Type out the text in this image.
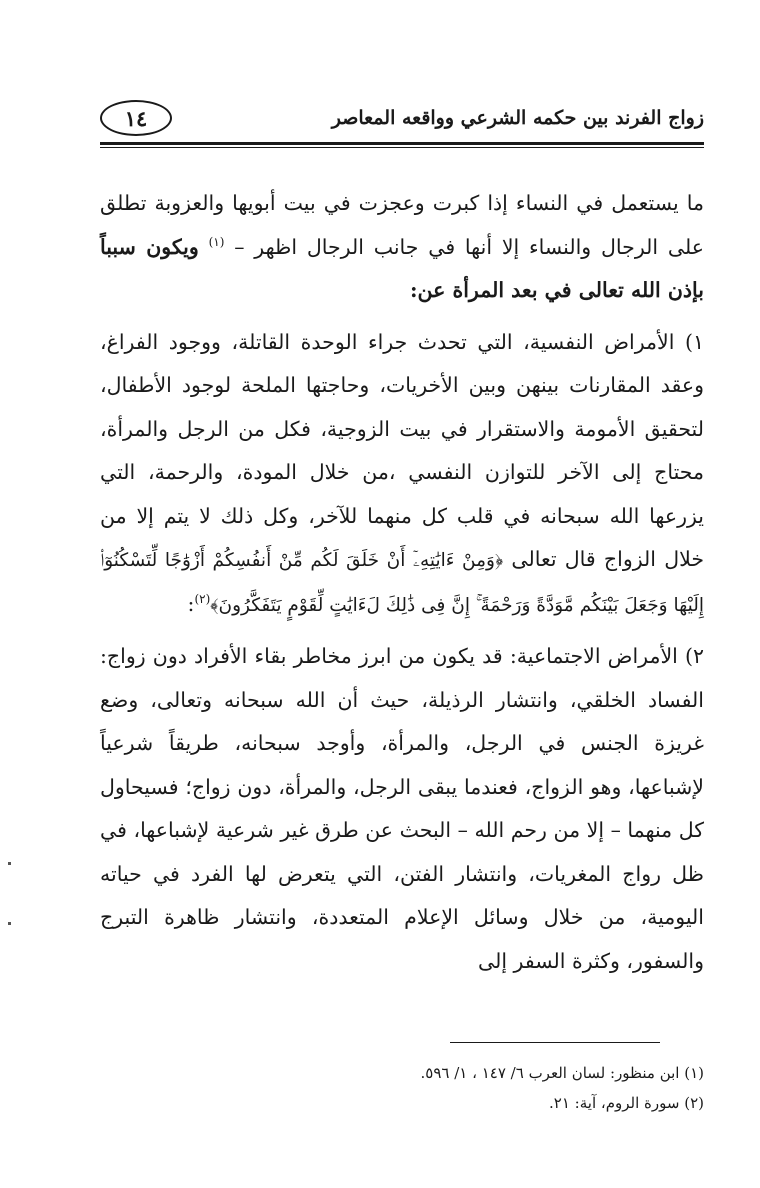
زواج الفرند بين حكمه الشرعي وواقعه المعاصر
١٤

ما يستعمل في النساء إذا كبرت وعجزت في بيت أبويها والعزوبة تطلق على الرجال والنساء إلا أنها في جانب الرجال اظهر – $^{(١)}$ ويكون سبباً بإذن الله تعالى في بعد المرأة عن:

١) الأمراض النفسية، التي تحدث جراء الوحدة القاتلة، ووجود الفراغ، وعقد المقارنات بينهن وبين الأخريات، وحاجتها الملحة لوجود الأطفال، لتحقيق الأمومة والاستقرار في بيت الزوجية، فكل من الرجل والمرأة، محتاج إلى الآخر للتوازن النفسي ،من خلال المودة، والرحمة، التي يزرعها الله سبحانه في قلب كل منهما للآخر، وكل ذلك لا يتم إلا من خلال الزواج قال تعالى ﴿وَمِنْ ءَايَٰتِهِۦٓ أَنْ خَلَقَ لَكُم مِّنْ أَنفُسِكُمْ أَزْوَٰجًا لِّتَسْكُنُوٓا۟ إِلَيْهَا وَجَعَلَ بَيْنَكُم مَّوَدَّةً وَرَحْمَةً ۚ إِنَّ فِى ذَٰلِكَ لَءَايَٰتٍ لِّقَوْمٍ يَتَفَكَّرُونَ﴾$^{(٢)}$:

٢) الأمراض الاجتماعية: قد يكون من ابرز مخاطر بقاء الأفراد دون زواج: الفساد الخلقي، وانتشار الرذيلة، حيث أن الله سبحانه وتعالى، وضع غريزة الجنس في الرجل، والمرأة، وأوجد سبحانه، طريقاً شرعياً لإشباعها، وهو الزواج، فعندما يبقى الرجل، والمرأة، دون زواج؛ فسيحاول كل منهما – إلا من رحم الله – البحث عن طرق غير شرعية لإشباعها، في ظل رواج المغريات، وانتشار الفتن، التي يتعرض لها الفرد في حياته اليومية، من خلال وسائل الإعلام المتعددة، وانتشار ظاهرة التبرج والسفور، وكثرة السفر إلى

(١) ابن منظور: لسان العرب ٦/ ١٤٧ ، ١/ ٥٩٦.

(٢) سورة الروم، آية: ٢١.
